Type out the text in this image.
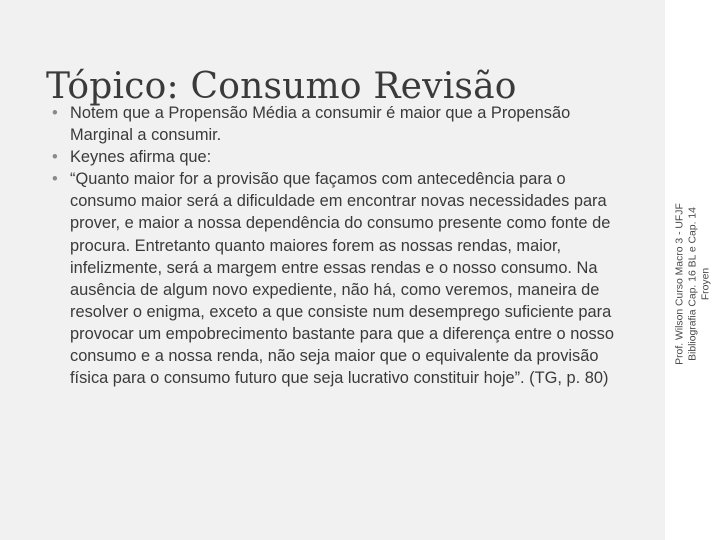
Tópico: Consumo Revisão
• Notem que a Propensão Média a consumir é maior que a Propensão Marginal a consumir.
• Keynes afirma que:
• “Quanto maior for a provisão que façamos com antecedência para o consumo maior será a dificuldade em encontrar novas necessidades para prover, e maior a nossa dependência do consumo presente como fonte de procura. Entretanto quanto maiores forem as nossas rendas, maior, infelizmente, será a margem entre essas rendas e o nosso consumo. Na ausência de algum novo expediente, não há, como veremos, maneira de resolver o enigma, exceto a que consiste num desemprego suficiente para provocar um empobrecimento bastante para que a diferença entre o nosso consumo e a nossa renda, não seja maior que o equivalente da provisão física para o consumo futuro que seja lucrativo constituir hoje”. (TG, p. 80)
Prof. Wilson Curso Macro 3 - UFJF Bibliografia Cap. 16 BL e Cap. 14 Froyen
